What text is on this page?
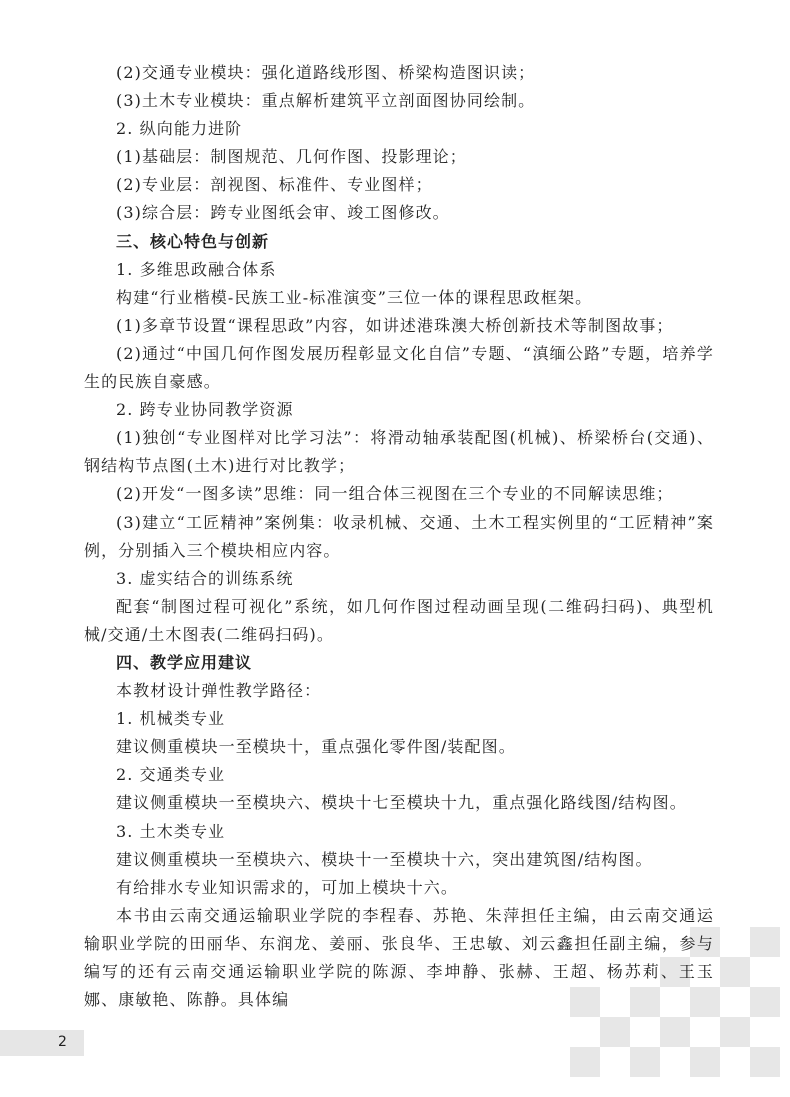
(2)交通专业模块：强化道路线形图、桥梁构造图识读；
(3)土木专业模块：重点解析建筑平立剖面图协同绘制。
2. 纵向能力进阶
(1)基础层：制图规范、几何作图、投影理论；
(2)专业层：剖视图、标准件、专业图样；
(3)综合层：跨专业图纸会审、竣工图修改。
三、核心特色与创新
1. 多维思政融合体系
构建“行业楷模-民族工业-标准演变”三位一体的课程思政框架。
(1)多章节设置“课程思政”内容，如讲述港珠澳大桥创新技术等制图故事；
(2)通过“中国几何作图发展历程彰显文化自信”专题、“滇缅公路”专题，培养学生的民族自豪感。
2. 跨专业协同教学资源
(1)独创“专业图样对比学习法”：将滑动轴承装配图(机械)、桥梁桥台(交通)、钢结构节点图(土木)进行对比教学；
(2)开发“一图多读”思维：同一组合体三视图在三个专业的不同解读思维；
(3)建立“工匠精神”案例集：收录机械、交通、土木工程实例里的“工匠精神”案例，分别插入三个模块相应内容。
3. 虚实结合的训练系统
配套“制图过程可视化”系统，如几何作图过程动画呈现(二维码扫码)、典型机械/交通/土木图表(二维码扫码)。
四、教学应用建议
本教材设计弹性教学路径：
1. 机械类专业
建议侧重模块一至模块十，重点强化零件图/装配图。
2. 交通类专业
建议侧重模块一至模块六、模块十七至模块十九，重点强化路线图/结构图。
3. 土木类专业
建议侧重模块一至模块六、模块十一至模块十六，突出建筑图/结构图。
有给排水专业知识需求的，可加上模块十六。
本书由云南交通运输职业学院的李程春、苏艳、朱萍担任主编，由云南交通运输职业学院的田丽华、东润龙、姜丽、张良华、王忠敏、刘云鑫担任副主编，参与编写的还有云南交通运输职业学院的陈源、李坤静、张赫、王超、杨苏莉、王玉娜、康敏艳、陈静。具体编
2
